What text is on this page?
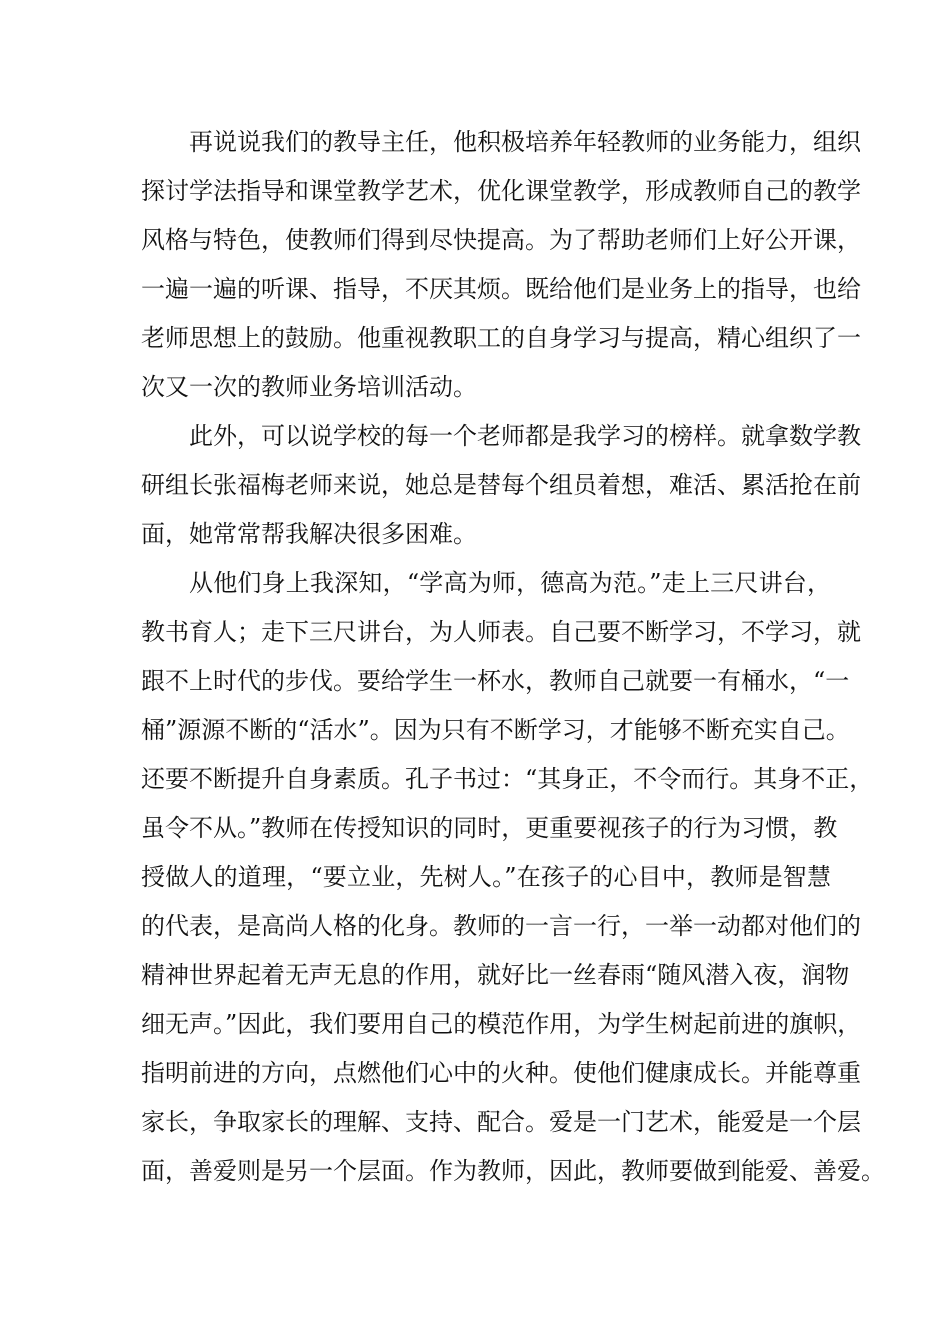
再说说我们的教导主任，他积极培养年轻教师的业务能力，组织
探讨学法指导和课堂教学艺术，优化课堂教学，形成教师自己的教学
风格与特色，使教师们得到尽快提高。为了帮助老师们上好公开课，
一遍一遍的听课、指导，不厌其烦。既给他们是业务上的指导，也给
老师思想上的鼓励。他重视教职工的自身学习与提高，精心组织了一
次又一次的教师业务培训活动。
此外，可以说学校的每一个老师都是我学习的榜样。就拿数学教
研组长张福梅老师来说，她总是替每个组员着想，难活、累活抢在前
面，她常常帮我解决很多困难。
从他们身上我深知，“学高为师，德高为范。”走上三尺讲台，
教书育人；走下三尺讲台，为人师表。自己要不断学习，不学习，就
跟不上时代的步伐。要给学生一杯水，教师自己就要一有桶水，“一
桶”源源不断的“活水”。因为只有不断学习，才能够不断充实自己。
还要不断提升自身素质。孔子书过：“其身正，不令而行。其身不正，
虽令不从。”教师在传授知识的同时，更重要视孩子的行为习惯，教
授做人的道理，“要立业，先树人。”在孩子的心目中，教师是智慧
的代表，是高尚人格的化身。教师的一言一行，一举一动都对他们的
精神世界起着无声无息的作用，就好比一丝春雨“随风潜入夜，润物
细无声。”因此，我们要用自己的模范作用，为学生树起前进的旗帜，
指明前进的方向，点燃他们心中的火种。使他们健康成长。并能尊重
家长，争取家长的理解、支持、配合。爱是一门艺术，能爱是一个层
面，善爱则是另一个层面。作为教师，因此，教师要做到能爱、善爱。
